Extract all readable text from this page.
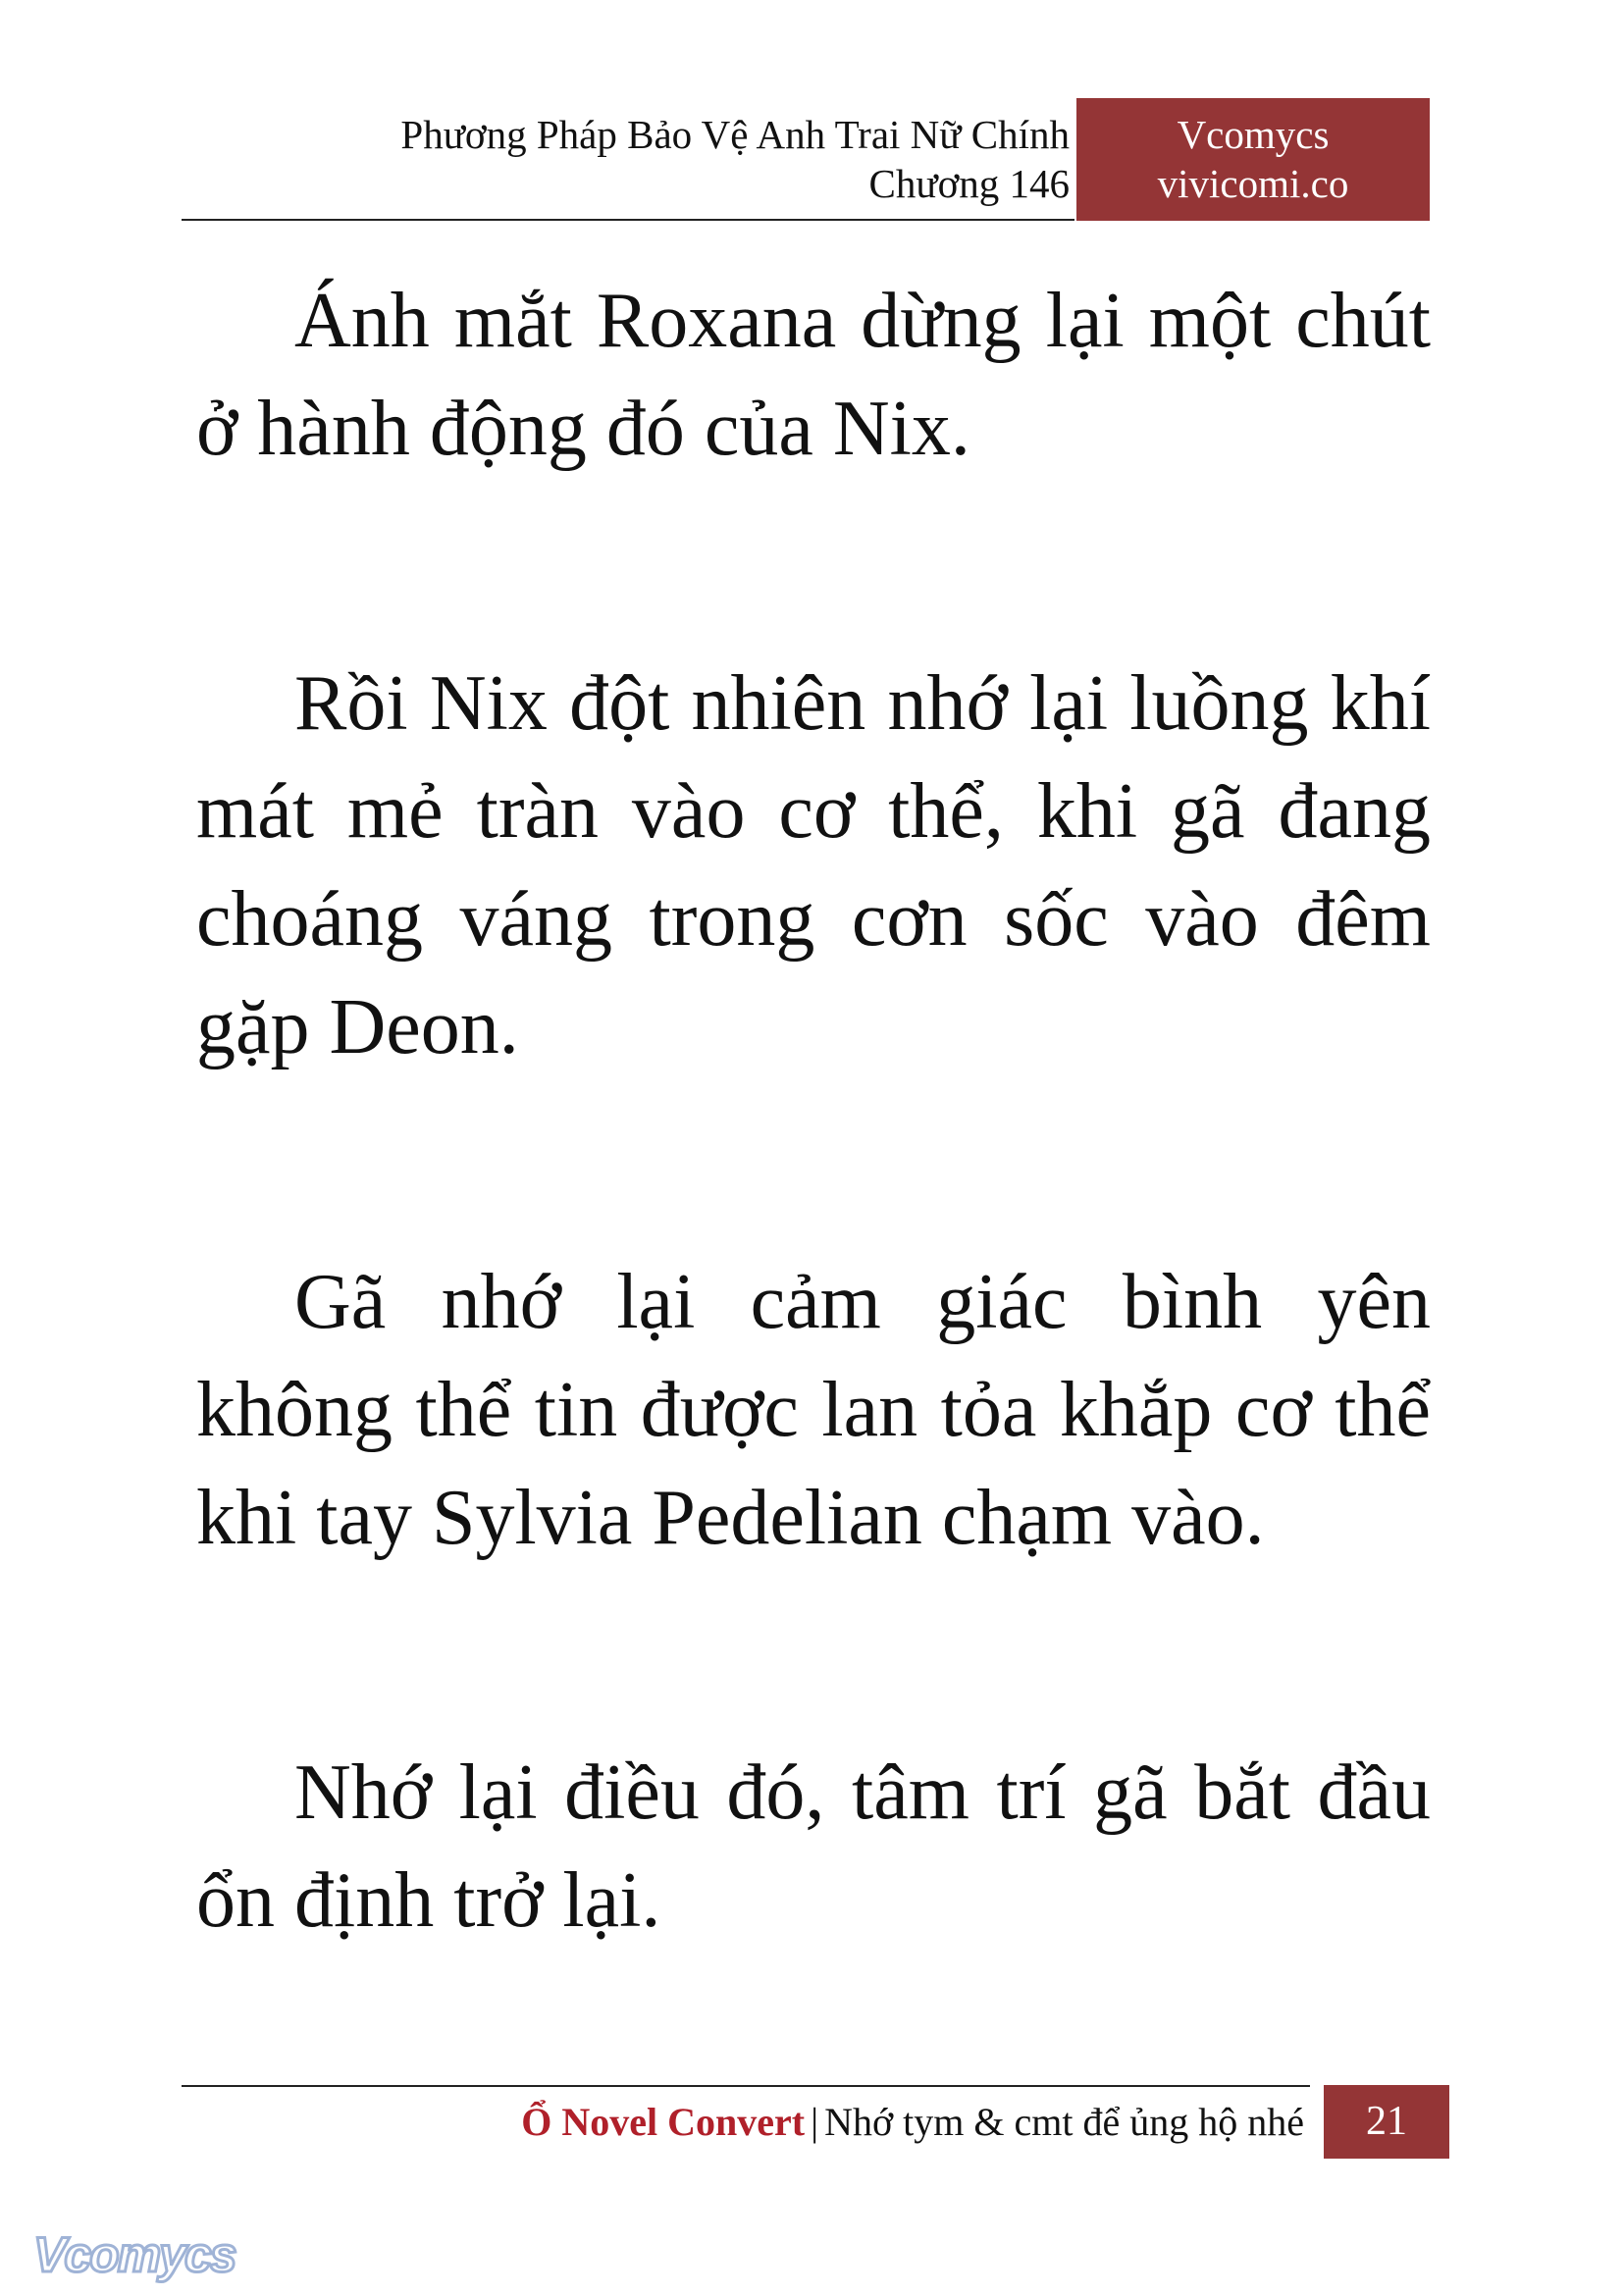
Phương Pháp Bảo Vệ Anh Trai Nữ Chính
Chương 146
Vcomycs
vivicomi.co

Ánh mắt Roxana dừng lại một chút ở hành động đó của Nix.

Rồi Nix đột nhiên nhớ lại luồng khí mát mẻ tràn vào cơ thể, khi gã đang choáng váng trong cơn sốc vào đêm gặp Deon.

Gã nhớ lại cảm giác bình yên không thể tin được lan tỏa khắp cơ thể khi tay Sylvia Pedelian chạm vào.

Nhớ lại điều đó, tâm trí gã bắt đầu ổn định trở lại.

Ổ Novel Convert | Nhớ tym & cmt để ủng hộ nhé	21
Vcomycs
